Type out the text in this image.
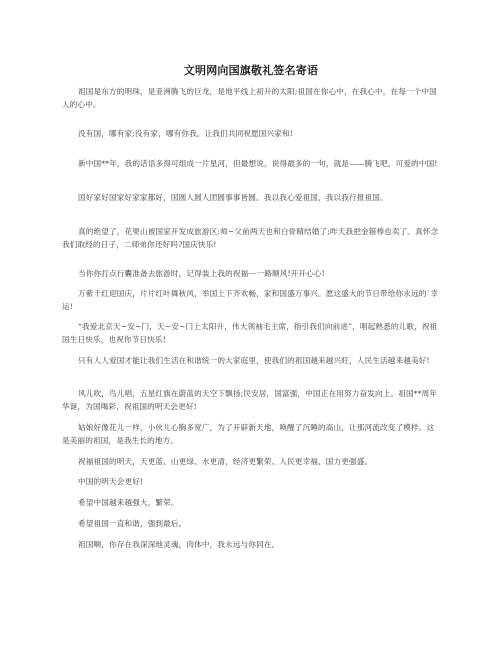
文明网向国旗敬礼签名寄语
祖国是东方的明珠，是亚洲腾飞的巨龙，是地平线上初升的太阳;祖国在你心中，在我心中，在每一个中国人的心中。
没有国，哪有家;没有家，哪有你我。让我们共同祝愿国兴家和!
新中国**年，我的话语多得可组成一片星河，但最想说、说得最多的一句，就是——腾飞吧，可爱的中国!
国好家好国家好家家都好，国圆人圆人团圆事事皆圆。我以我心爱祖国，我以我行报祖国。
真的绝望了，花果山被国家开发成旅游区;师~父前两天也和白骨精结婚了;昨天我把金箍棒也卖了。真怀念我们取经的日子，二师弟你还好吗?国庆快乐!
当你你打点行囊准备去旅游时，记得装上我的祝福---一路顺风!开开心心!
万紫千红迎国庆，片片红叶舞秋风，举国上下齐欢畅，家和国盛万事兴。愿这盛大的节日带给你永远的`幸运!
“我爱北京天~安~门，天~安~门上太阳升，伟大领袖毛主席，指引我们向前进”，唱起熟悉的儿歌，祝祖国生日快乐，也祝你节日快乐!
只有人人爱国才能让我们生活在和谐统一的大家庭里，使我们的祖国越来越兴旺，人民生活越来越美好!
风儿吹，鸟儿唱，五星红旗在蔚蓝的天空下飘扬;民安居，国富强，中国正在用努力奋发向上。祖国**周年华诞，为国喝彩，祝祖国的明天会更好!
姑娘好像花儿一样，小伙儿心胸多宽广，为了开辟新天地，唤醒了沉睡的高山，让那河流改变了模样。这是美丽的祖国，是我生长的地方。
祝福祖国的明天，天更蓝、山更绿、水更清，经济更繁荣、人民更幸福、国力更强盛。
中国的明天会更好!
希望中国越来越强大，繁荣。
希望祖国一直和谐，强到最后。
祖国啊，你存在我深深地灵魂，肉体中，我永远与你同在。
